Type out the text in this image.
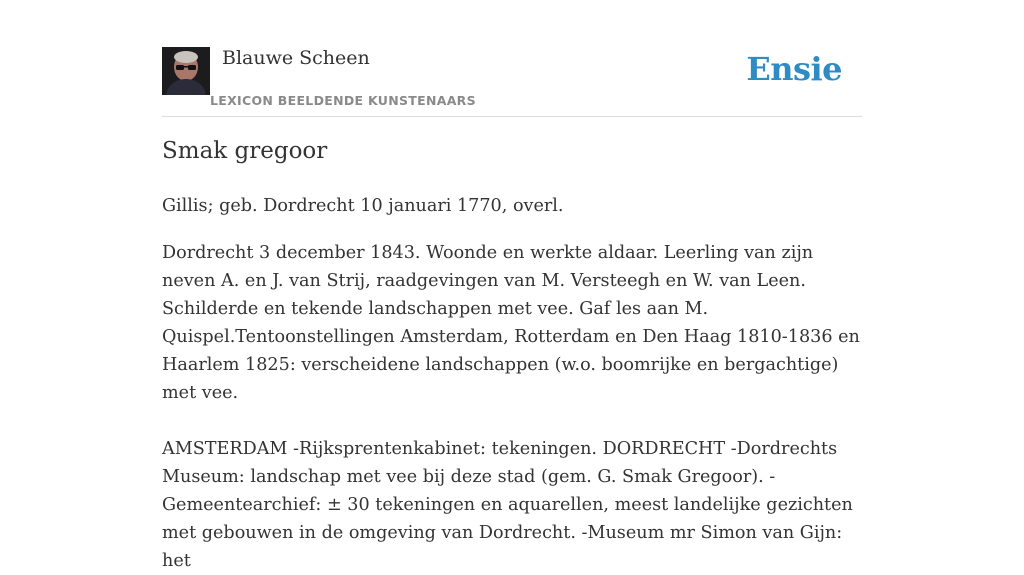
Blauwe Scheen
LEXICON BEELDENDE KUNSTENAARS
Ensie
Smak gregoor

Gillis; geb. Dordrecht 10 januari 1770, overl.

Dordrecht 3 december 1843. Woonde en werkte aldaar. Leerling van zijn neven A. en J. van Strij, raadgevingen van M. Versteegh en W. van Leen. Schilderde en tekende landschappen met vee. Gaf les aan M. Quispel.Tentoonstellingen Amsterdam, Rotterdam en Den Haag 1810-1836 en Haarlem 1825: verscheidene landschappen (w.o. boomrijke en bergachtige) met vee.

AMSTERDAM -Rijksprentenkabinet: tekeningen. DORDRECHT -Dordrechts Museum: landschap met vee bij deze stad (gem. G. Smak Gregoor). -Gemeentearchief: ± 30 tekeningen en aquarellen, meest landelijke gezichten met gebouwen in de omgeving van Dordrecht. -Museum mr Simon van Gijn: het
